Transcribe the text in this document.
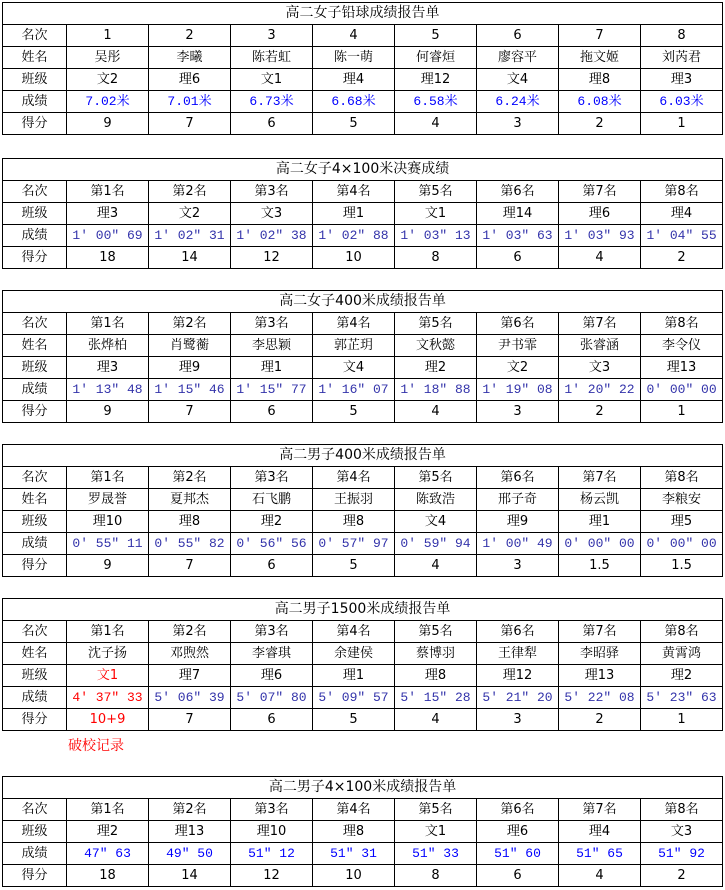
高二女子铅球成绩报告单								
名次	1	2	3	4	5	6	7	8
姓名	吴彤	李曦	陈若虹	陈一萌	何睿烜	廖容平	拖文姬	刘芮君
班级	文2	理6	文1	理4	理12	文4	理8	理3
成绩	7.02米	7.01米	6.73米	6.68米	6.58米	6.24米	6.08米	6.03米
得分	9	7	6	5	4	3	2	1
高二女子4×100米决赛成绩								
名次	第1名	第2名	第3名	第4名	第5名	第6名	第7名	第8名
班级	理3	文2	文3	理1	文1	理14	理6	理4
成绩	1′ 00″ 69	1′ 02″ 31	1′ 02″ 38	1′ 02″ 88	1′ 03″ 13	1′ 03″ 63	1′ 03″ 93	1′ 04″ 55
得分	18	14	12	10	8	6	4	2
高二女子400米成绩报告单								
名次	第1名	第2名	第3名	第4名	第5名	第6名	第7名	第8名
姓名	张烨柏	肖鹭蘅	李思颖	郭芷玥	文秋懿	尹书霏	张睿涵	李令仪
班级	理3	理9	理1	文4	理2	文2	文3	理13
成绩	1′ 13″ 48	1′ 15″ 46	1′ 15″ 77	1′ 16″ 07	1′ 18″ 88	1′ 19″ 08	1′ 20″ 22	0′ 00″ 00
得分	9	7	6	5	4	3	2	1
高二男子400米成绩报告单								
名次	第1名	第2名	第3名	第4名	第5名	第6名	第7名	第8名
姓名	罗晟誉	夏邦杰	石飞鹏	王振羽	陈致浩	邢子奇	杨云凯	李粮安
班级	理10	理8	理2	理8	文4	理9	理1	理5
成绩	0′ 55″ 11	0′ 55″ 82	0′ 56″ 56	0′ 57″ 97	0′ 59″ 94	1′ 00″ 49	0′ 00″ 00	0′ 00″ 00
得分	9	7	6	5	4	3	1.5	1.5
高二男子1500米成绩报告单								
名次	第1名	第2名	第3名	第4名	第5名	第6名	第7名	第8名
姓名	沈子扬	邓煦然	李睿琪	余建侯	蔡博羽	王律犁	李昭驿	黄霄鸿
班级	文1	理7	理6	理1	理8	理12	理13	理2
成绩	4′ 37″ 33	5′ 06″ 39	5′ 07″ 80	5′ 09″ 57	5′ 15″ 28	5′ 21″ 20	5′ 22″ 08	5′ 23″ 63
得分	10+9	7	6	5	4	3	2	1
高二男子4×100米成绩报告单								
名次	第1名	第2名	第3名	第4名	第5名	第6名	第7名	第8名
班级	理2	理13	理10	理8	文1	理6	理4	文3
成绩	47″ 63	49″ 50	51″ 12	51″ 31	51″ 33	51″ 60	51″ 65	51″ 92
得分	18	14	12	10	8	6	4	2
破校记录
